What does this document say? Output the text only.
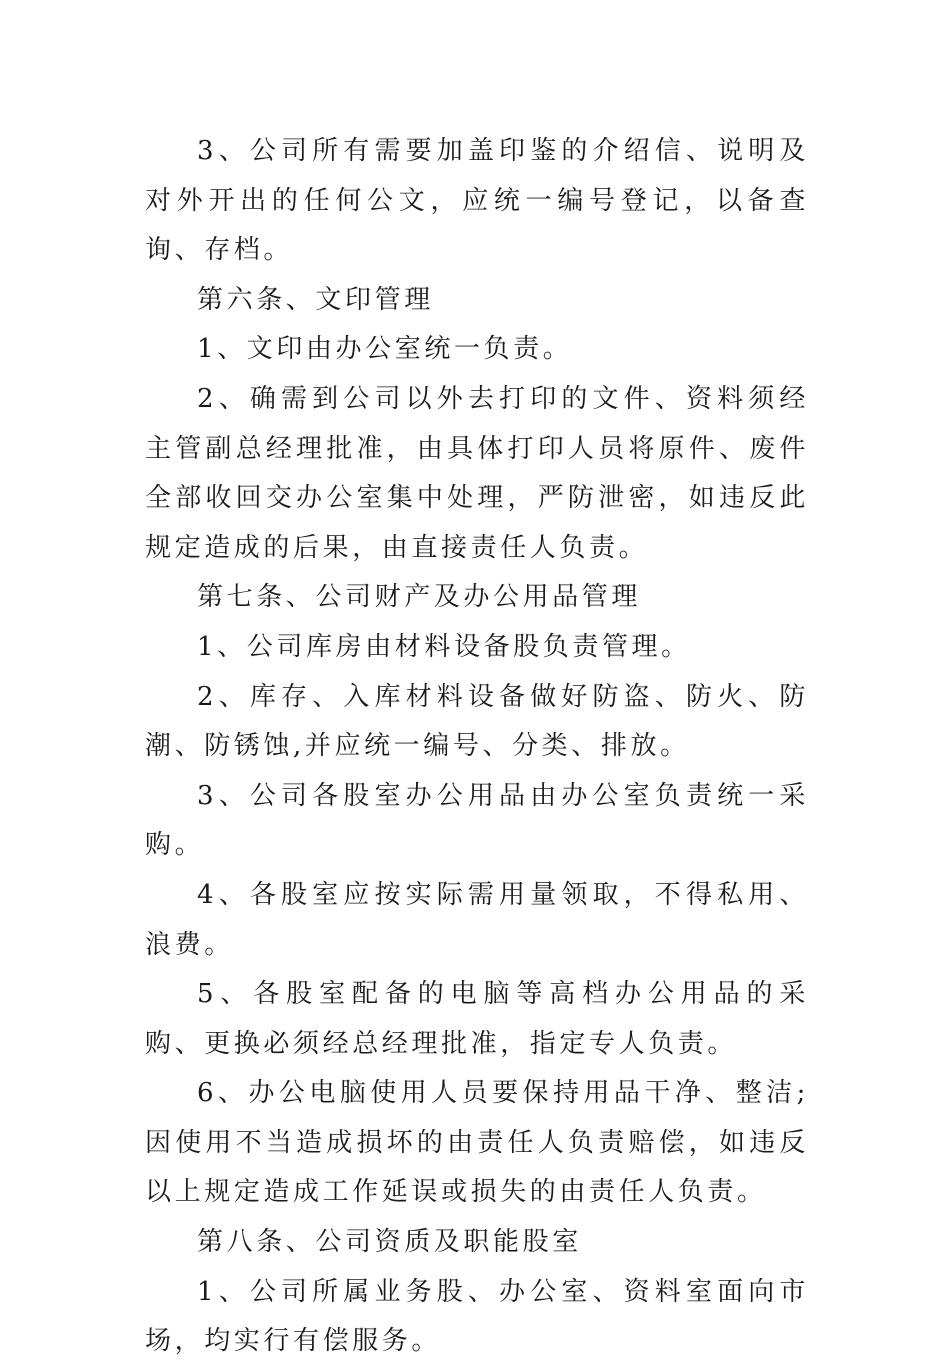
3、公司所有需要加盖印鉴的介绍信、说明及对外开出的任何公文，应统一编号登记，以备查询、存档。

第六条、文印管理

1、文印由办公室统一负责。

2、确需到公司以外去打印的文件、资料须经主管副总经理批准，由具体打印人员将原件、废件全部收回交办公室集中处理，严防泄密，如违反此规定造成的后果，由直接责任人负责。

第七条、公司财产及办公用品管理

1、公司库房由材料设备股负责管理。

2、库存、入库材料设备做好防盗、防火、防潮、防锈蚀,并应统一编号、分类、排放。

3、公司各股室办公用品由办公室负责统一采购。

4、各股室应按实际需用量领取，不得私用、浪费。

5、各股室配备的电脑等高档办公用品的采购、更换必须经总经理批准，指定专人负责。

6、办公电脑使用人员要保持用品干净、整洁;因使用不当造成损坏的由责任人负责赔偿，如违反以上规定造成工作延误或损失的由责任人负责。

第八条、公司资质及职能股室

1、公司所属业务股、办公室、资料室面向市场，均实行有偿服务。
